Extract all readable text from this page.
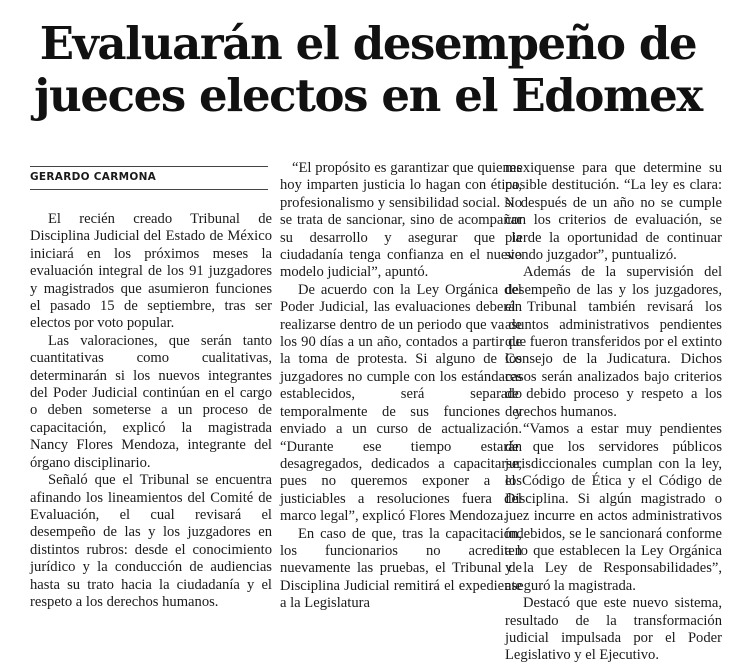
Evaluarán el desempeño de
jueces electos en el Edomex

GERARDO CARMONA

El recién creado Tribunal de Disciplina Judicial del Estado de México iniciará en los próximos meses la evaluación integral de los 91 juzgadores y magistrados que asumieron funciones el pasado 15 de septiembre, tras ser electos por voto popular.

Las valoraciones, que serán tanto cuantitativas como cualitativas, determinarán si los nuevos integrantes del Poder Judicial continúan en el cargo o deben someterse a un proceso de capacitación, explicó la magistrada Nancy Flores Mendoza, integrante del órgano disciplinario.

Señaló que el Tribunal se encuentra afinando los lineamientos del Comité de Evaluación, el cual revisará el desempeño de las y los juzgadores en distintos rubros: desde el conocimiento jurídico y la conducción de audiencias hasta su trato hacia la ciudadanía y el respeto a los derechos humanos.

“El propósito es garantizar que quienes hoy imparten justicia lo hagan con ética, profesionalismo y sensibilidad social. No se trata de sancionar, sino de acompañar su desarrollo y asegurar que la ciudadanía tenga confianza en el nuevo modelo judicial”, apuntó.

De acuerdo con la Ley Orgánica del Poder Judicial, las evaluaciones deberán realizarse dentro de un periodo que va de los 90 días a un año, contados a partir de la toma de protesta. Si alguno de los juzgadores no cumple con los estándares establecidos, será separado temporalmente de sus funciones y enviado a un curso de actualización. “Durante ese tiempo estarán desagregados, dedicados a capacitarse, pues no queremos exponer a los justiciables a resoluciones fuera del marco legal”, explicó Flores Mendoza.

En caso de que, tras la capacitación, los funcionarios no acrediten nuevamente las pruebas, el Tribunal de Disciplina Judicial remitirá el expediente a la Legislatura

mexiquense para que determine su posible destitución. “La ley es clara: si después de un año no se cumple con los criterios de evaluación, se pierde la oportunidad de continuar siendo juzgador”, puntualizó.

Además de la supervisión del desempeño de las y los juzgadores, el Tribunal también revisará los asuntos administrativos pendientes que fueron transferidos por el extinto Consejo de la Judicatura. Dichos casos serán analizados bajo criterios de debido proceso y respeto a los derechos humanos.

“Vamos a estar muy pendientes de que los servidores públicos jurisdiccionales cumplan con la ley, el Código de Ética y el Código de Disciplina. Si algún magistrado o juez incurre en actos administrativos indebidos, se le sancionará conforme a lo que establecen la Ley Orgánica y la Ley de Responsabilidades”, aseguró la magistrada.

Destacó que este nuevo sistema, resultado de la transformación judicial impulsada por el Poder Legislativo y el Ejecutivo.
